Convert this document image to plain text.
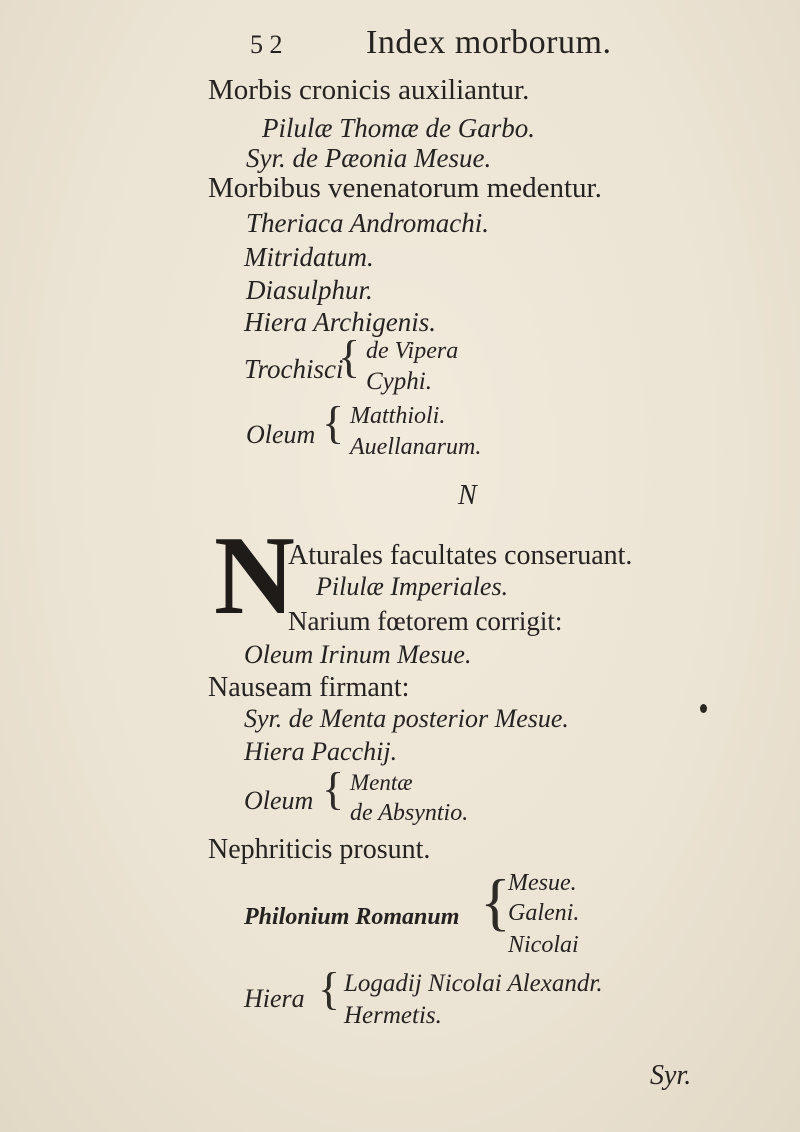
5 2 Index morborum.
Morbis cronicis auxiliantur.
Pilulæ Thomæ de Garbo.
Syr. de Pæonia Mesue.
Morbibus venenatorum medentur.
Theriaca Andromachi.
Mitridatum.
Diasulphur.
Hiera Archigenis.
Trochisci
{ de Vipera
Cyphi.
Oleum { Matthioli.
Auellanarum.
N
N
Aturales facultates conseruant.
Pilulæ Imperiales.
Narium fœtorem corrigit:
Oleum Irinum Mesue.
Nauseam firmant:
Syr. de Menta posterior Mesue.
Hiera Pacchij.
Oleum { Mentæ
de Absyntio.
Nephriticis prosunt.
Philonium Romanum {
Mesue.
Galeni.
Nicolai
Hiera { Logadij Nicolai Alexandr.
Hermetis.
Syr.
